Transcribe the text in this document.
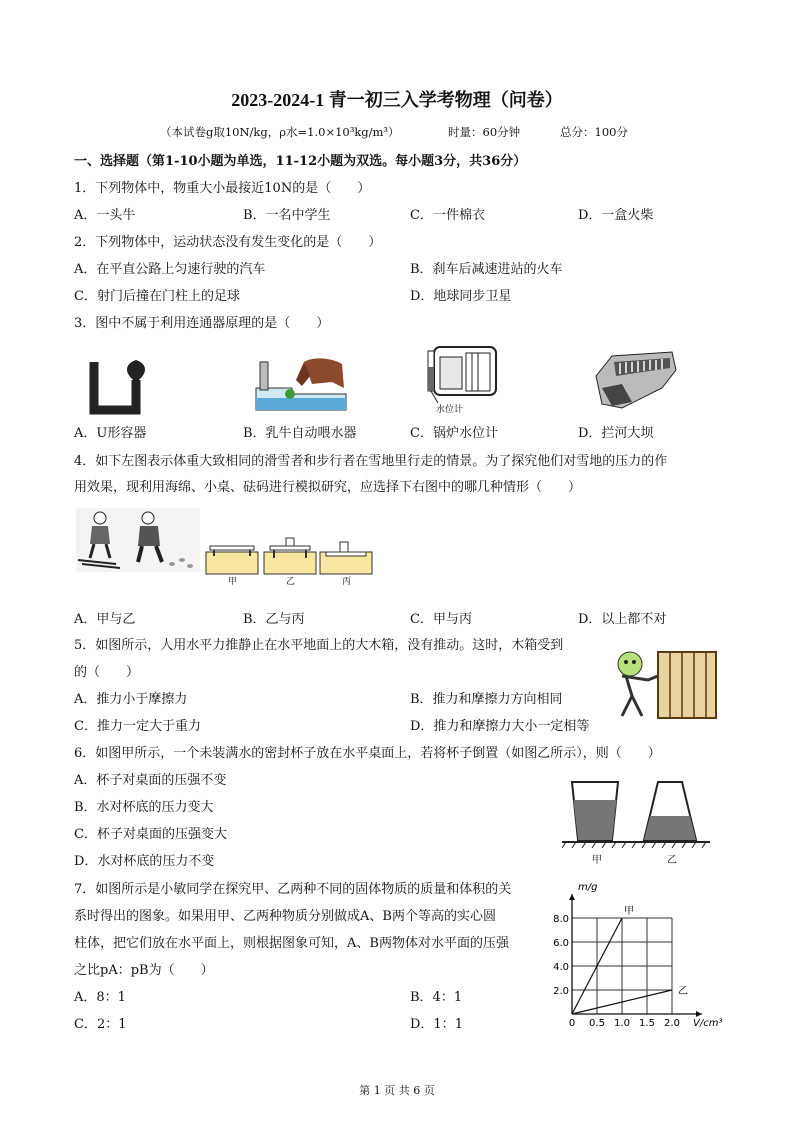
2023-2024-1 青一初三入学考物理（问卷）
（本试卷g取10N/kg，ρ水=1.0×10³kg/m³）	时量：60分钟	总分：100分
一、选择题（第1-10小题为单选，11-12小题为双选。每小题3分，共36分）
1．下列物体中，物重大小最接近10N的是（　　）
A．一头牛	B．一名中学生	C．一件棉衣	D．一盒火柴
2．下列物体中，运动状态没有发生变化的是（　　）
A．在平直公路上匀速行驶的汽车	B．刹车后减速进站的火车
C．射门后撞在门柱上的足球	D．地球同步卫星
3．图中不属于利用连通器原理的是（　　）
水位计
A．U形容器	B．乳牛自动喂水器	C．锅炉水位计	D．拦河大坝
4．如下左图表示体重大致相同的滑雪者和步行者在雪地里行走的情景。为了探究他们对雪地的压力的作
用效果，现利用海绵、小桌、砝码进行模拟研究，应选择下右图中的哪几种情形（　　）
甲	乙	丙
A．甲与乙	B．乙与丙	C．甲与丙	D．以上都不对
5．如图所示，人用水平力推静止在水平地面上的大木箱，没有推动。这时，木箱受到
的（　　）
A．推力小于摩擦力	B．推力和摩擦力方向相同
C．推力一定大于重力	D．推力和摩擦力大小一定相等
6．如图甲所示，一个未装满水的密封杯子放在水平桌面上，若将杯子倒置（如图乙所示），则（　　）
A．杯子对桌面的压强不变
B．水对杯底的压力变大
C．杯子对桌面的压强变大
D．水对杯底的压力不变	甲	乙
7．如图所示是小敏同学在探究甲、乙两种不同的固体物质的质量和体积的关
系时得出的图象。如果用甲、乙两种物质分别做成A、B两个等高的实心圆
柱体，把它们放在水平面上，则根据图象可知，A、B两物体对水平面的压强
之比pA：pB为（　　）
A．8：1	B．4：1
C．2：1	D．1：1	0 0.5 1.0 1.5 2.0
2.0
4.0
6.0
8.0
甲
乙
m/g
V/cm³
第 1 页 共 6 页
